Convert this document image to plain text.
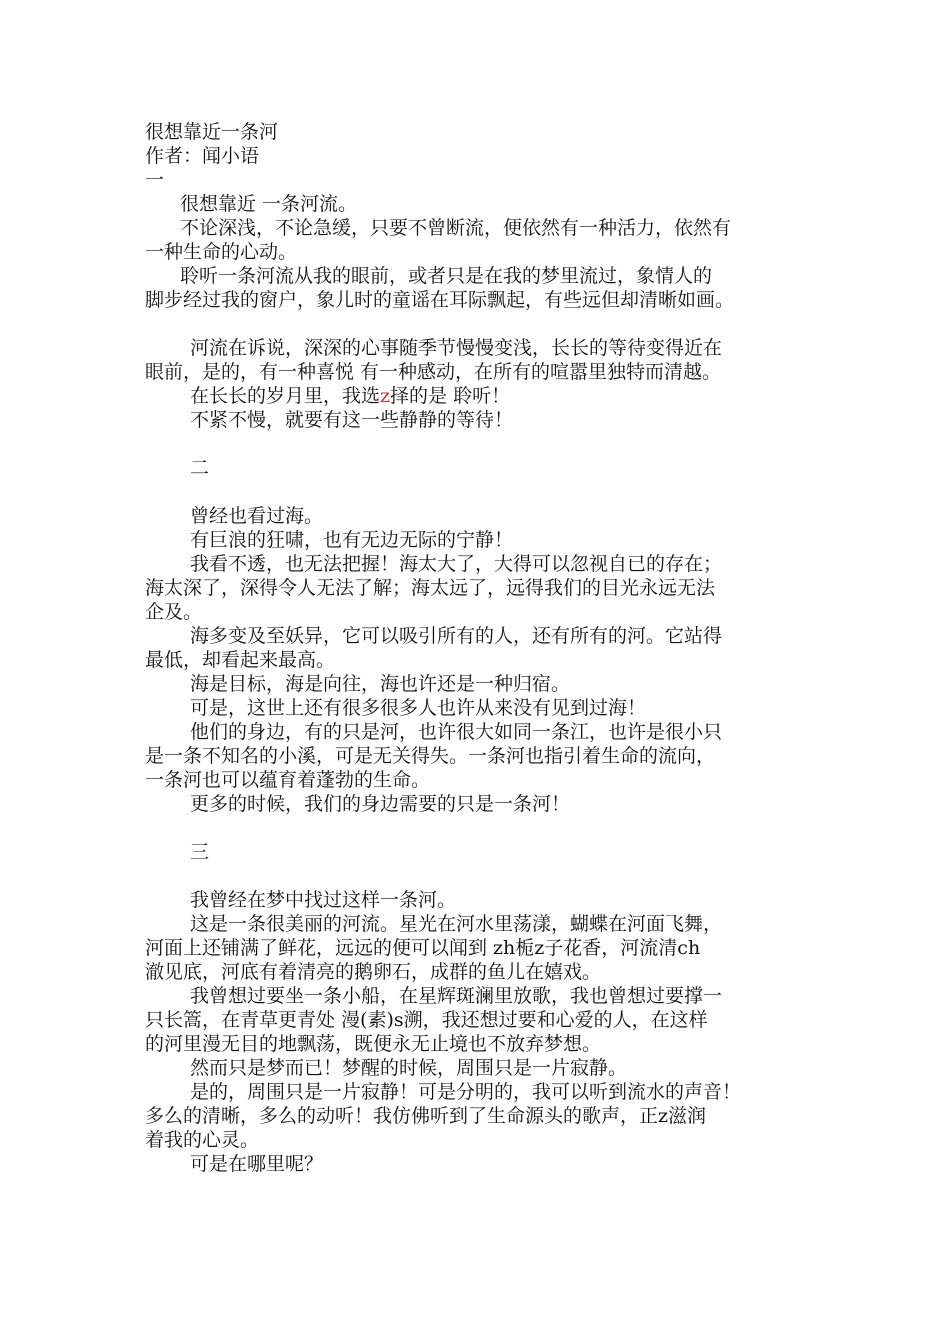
很想靠近一条河
作者：闻小语
一
很想靠近 一条河流。
不论深浅，不论急缓，只要不曾断流，便依然有一种活力，依然有
一种生命的心动。
聆听一条河流从我的眼前，或者只是在我的梦里流过，象情人的
脚步经过我的窗户，象儿时的童谣在耳际飘起，有些远但却清晰如画。
河流在诉说，深深的心事随季节慢慢变浅，长长的等待变得近在
眼前，是的，有一种喜悦 有一种感动，在所有的喧嚣里独特而清越。
在长长的岁月里，我选z择的是 聆听！
不紧不慢，就要有这一些静静的等待！
二
曾经也看过海。
有巨浪的狂啸，也有无边无际的宁静！
我看不透，也无法把握！海太大了，大得可以忽视自已的存在；
海太深了，深得令人无法了解；海太远了，远得我们的目光永远无法
企及。
海多变及至妖异，它可以吸引所有的人，还有所有的河。它站得
最低，却看起来最高。
海是目标，海是向往，海也许还是一种归宿。
可是，这世上还有很多很多人也许从来没有见到过海！
他们的身边，有的只是河，也许很大如同一条江，也许是很小只
是一条不知名的小溪，可是无关得失。一条河也指引着生命的流向，
一条河也可以蕴育着蓬勃的生命。
更多的时候，我们的身边需要的只是一条河！
三
我曾经在梦中找过这样一条河。
这是一条很美丽的河流。星光在河水里荡漾，蝴蝶在河面飞舞，
河面上还铺满了鲜花，远远的便可以闻到 zh栀z子花香，河流清ch
澈见底，河底有着清亮的鹅卵石，成群的鱼儿在嬉戏。
我曾想过要坐一条小船，在星辉斑澜里放歌，我也曾想过要撑一
只长篙，在青草更青处 漫(素)s溯，我还想过要和心爱的人，在这样
的河里漫无目的地飘荡，既便永无止境也不放弃梦想。
然而只是梦而已！梦醒的时候，周围只是一片寂静。
是的，周围只是一片寂静！可是分明的，我可以听到流水的声音！
多么的清晰，多么的动听！我仿佛听到了生命源头的歌声，正z滋润
着我的心灵。
可是在哪里呢？
